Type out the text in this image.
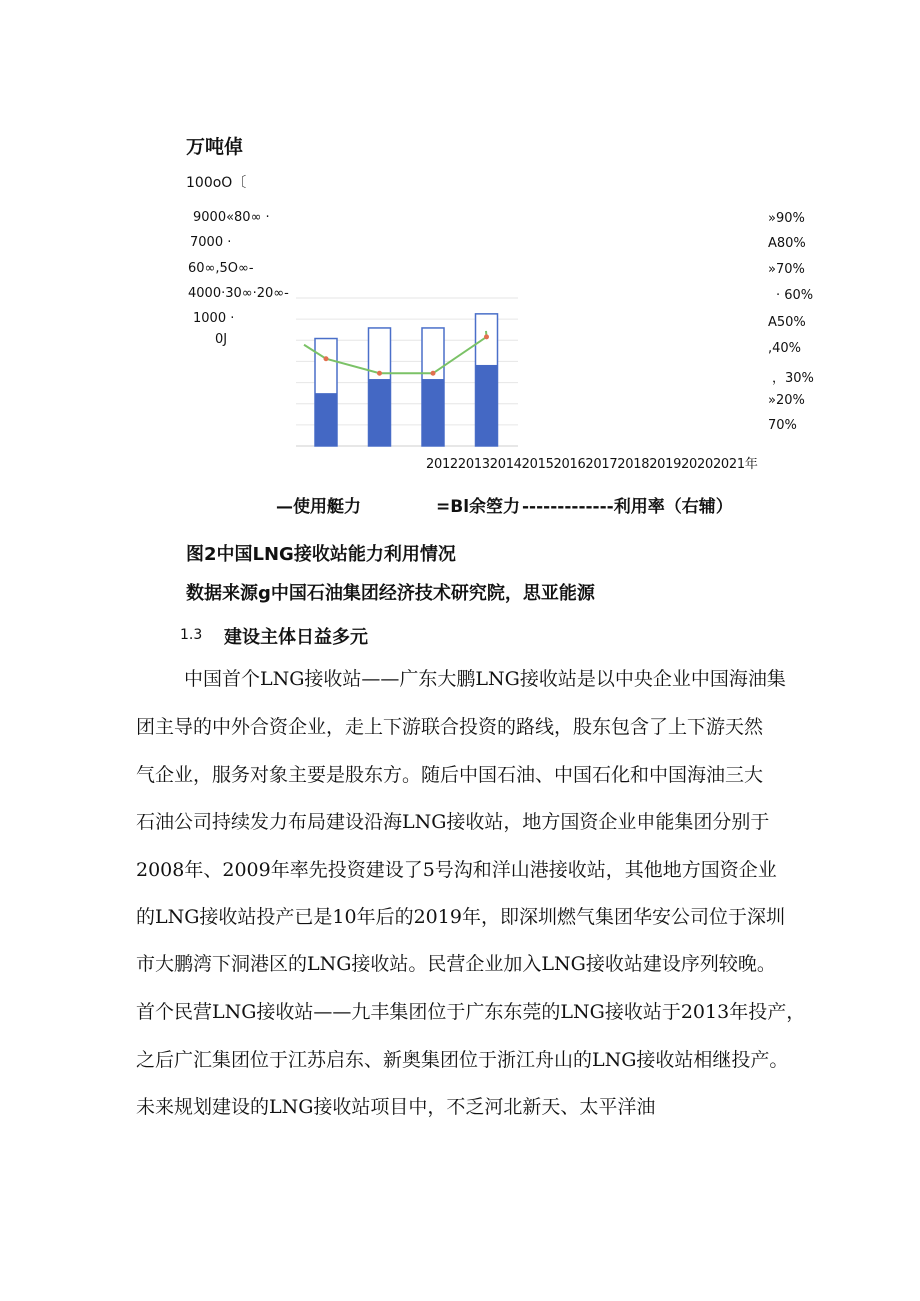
万吨倬
100oO〔
9000«80∞ ·
7000 ·
60∞,5O∞-
4000·30∞·20∞-
1000 ·
0J
»90%
A80%
»70%
· 60%
A50%
,40%
，30%
»20%
70%
2012201320142015201620172018201920202021年
—使用艇力	=Bl余箜力 -------------利用率（右辅）
图2中国LNG接收站能力利用情况
数据来源g中国石油集团经济技术研究院，思亚能源
1.3 建设主体日益多元

中国首个LNG接收站——广东大鹏LNG接收站是以中央企业中国海油集

团主导的中外合资企业，走上下游联合投资的路线，股东包含了上下游天然

气企业，服务对象主要是股东方。随后中国石油、中国石化和中国海油三大

石油公司持续发力布局建设沿海LNG接收站，地方国资企业申能集团分别于

2008年、2009年率先投资建设了5号沟和洋山港接收站，其他地方国资企业

的LNG接收站投产已是10年后的2019年，即深圳燃气集团华安公司位于深圳

市大鹏湾下洞港区的LNG接收站。民营企业加入LNG接收站建设序列较晚。

首个民营LNG接收站——九丰集团位于广东东莞的LNG接收站于2013年投产，

之后广汇集团位于江苏启东、新奥集团位于浙江舟山的LNG接收站相继投产。

未来规划建设的LNG接收站项目中，不乏河北新天、太平洋油
